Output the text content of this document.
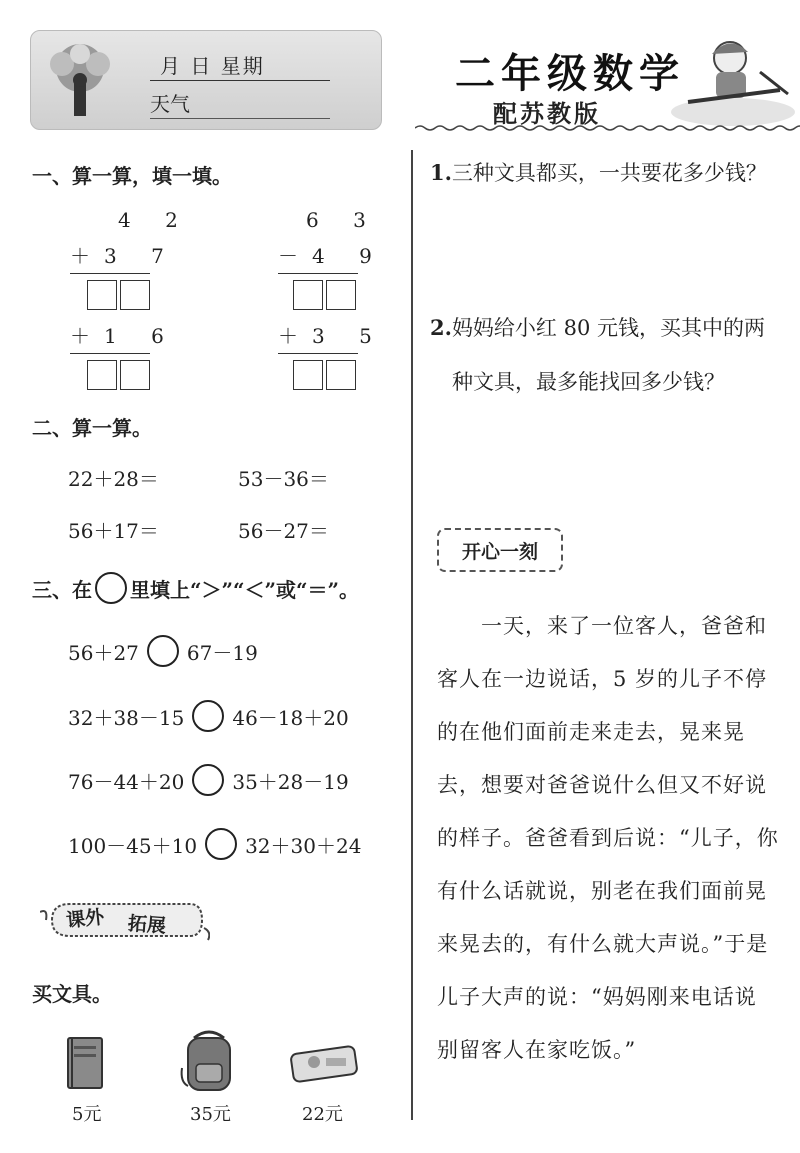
月 日 星期
天气
二年级数学
配苏教版
一、算一算，填一填。
4 2
＋3 7
＋1 6
6 3
－4 9
＋3 5
二、算一算。
22＋28＝	53－36＝
56＋17＝	56－27＝
三、在 里填上“＞”“＜”或“＝”。
56＋27 67－19
32＋38－15 46－18＋20
76－44＋20 35＋28－19
100－45＋10 32＋30＋24
课外 拓展
买文具。
5元	35元	22元
1.三种文具都买，一共要花多少钱？
2.妈妈给小红 80 元钱，买其中的两
种文具，最多能找回多少钱？
开心一刻
　　一天，来了一位客人，爸爸和
客人在一边说话，5 岁的儿子不停
的在他们面前走来走去，晃来晃
去，想要对爸爸说什么但又不好说
的样子。爸爸看到后说：“儿子，你
有什么话就说，别老在我们面前晃
来晃去的，有什么就大声说。”于是
儿子大声的说：“妈妈刚来电话说
别留客人在家吃饭。”
